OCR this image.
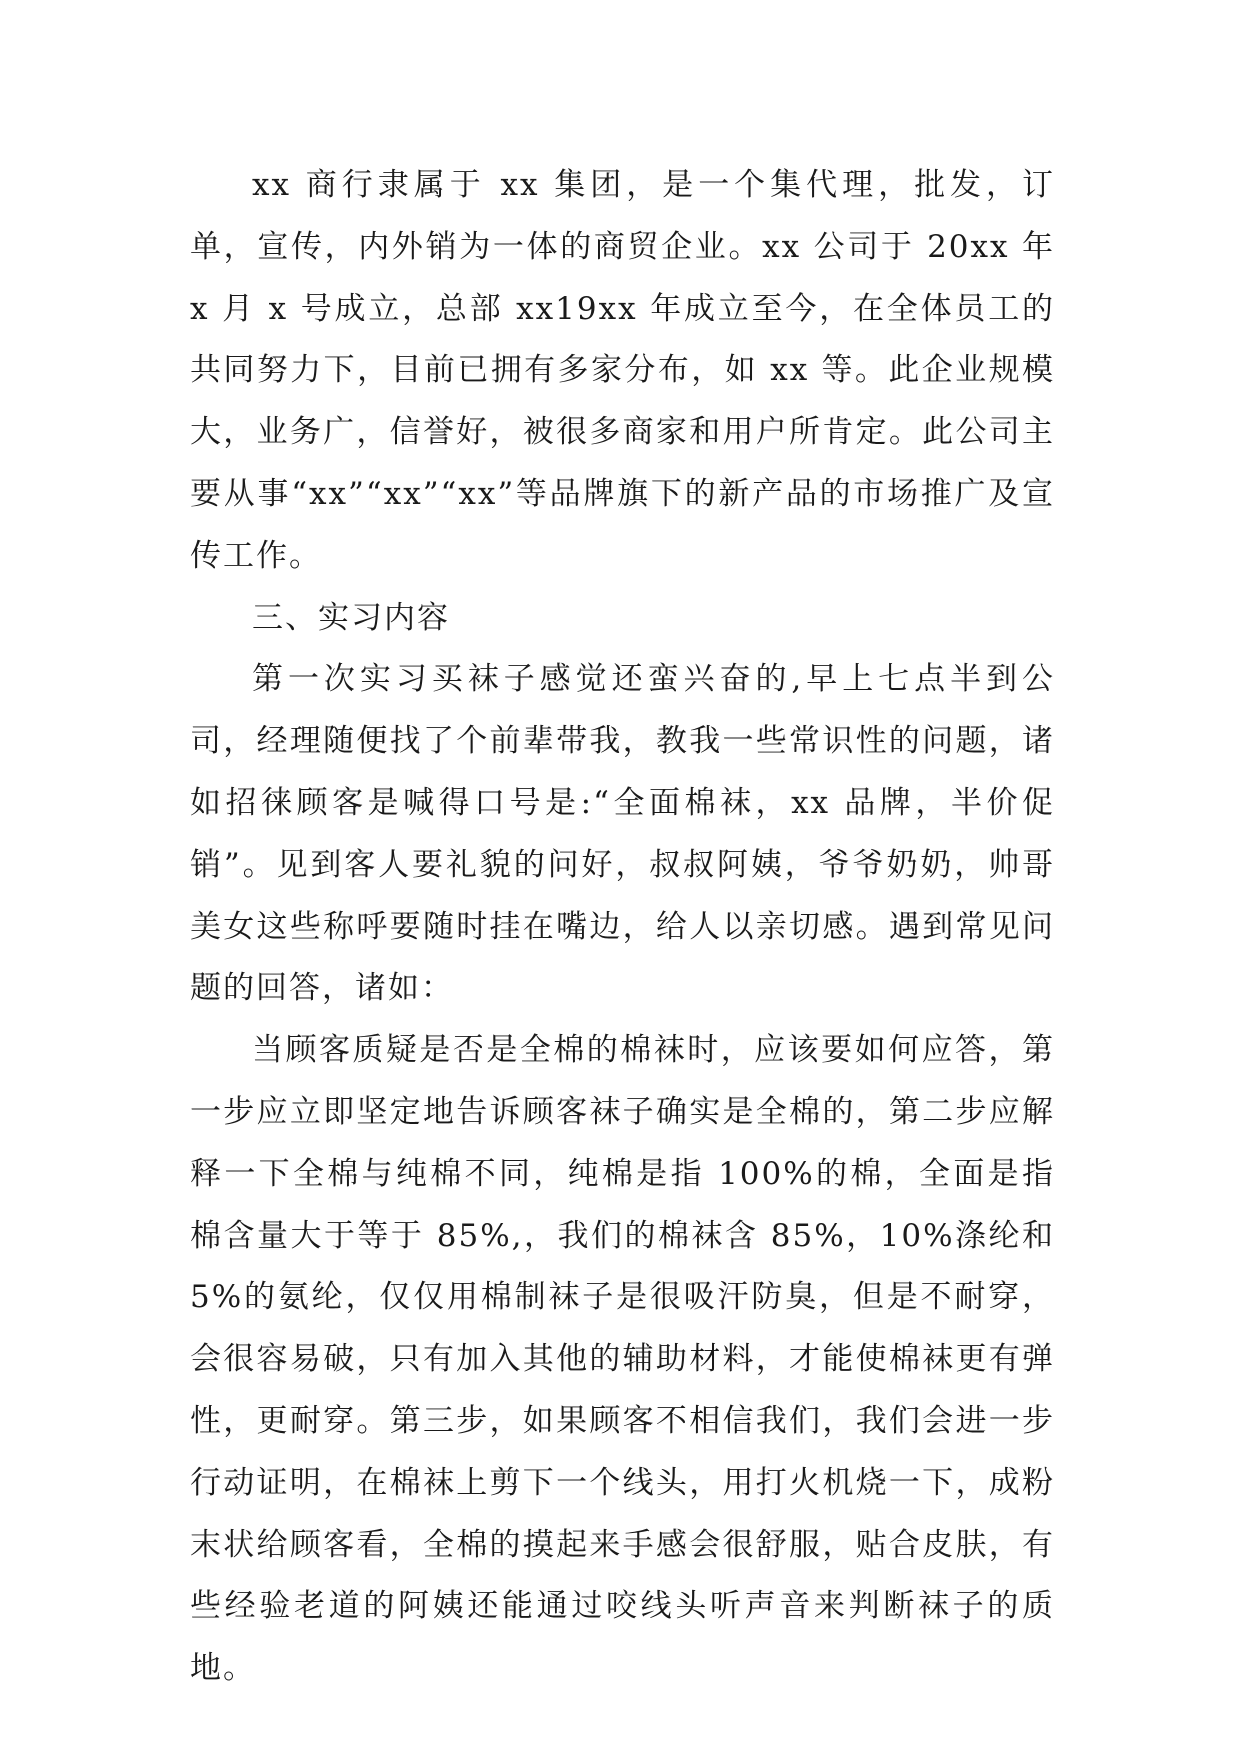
xx 商行隶属于 xx 集团，是一个集代理，批发，订单，宣传，内外销为一体的商贸企业。xx 公司于 20xx 年 x 月 x 号成立，总部 xx19xx 年成立至今，在全体员工的共同努力下，目前已拥有多家分布，如 xx 等。此企业规模大，业务广，信誉好，被很多商家和用户所肯定。此公司主要从事“xx”“xx”“xx”等品牌旗下的新产品的市场推广及宣传工作。

三、实习内容

第一次实习买袜子感觉还蛮兴奋的,早上七点半到公司，经理随便找了个前辈带我，教我一些常识性的问题，诸如招徕顾客是喊得口号是:“全面棉袜，xx 品牌，半价促销”。见到客人要礼貌的问好，叔叔阿姨，爷爷奶奶，帅哥美女这些称呼要随时挂在嘴边，给人以亲切感。遇到常见问题的回答，诸如：

当顾客质疑是否是全棉的棉袜时，应该要如何应答，第一步应立即坚定地告诉顾客袜子确实是全棉的，第二步应解释一下全棉与纯棉不同，纯棉是指 100%的棉，全面是指棉含量大于等于 85%,，我们的棉袜含 85%，10%涤纶和 5%的氨纶，仅仅用棉制袜子是很吸汗防臭，但是不耐穿，会很容易破，只有加入其他的辅助材料，才能使棉袜更有弹性，更耐穿。第三步，如果顾客不相信我们，我们会进一步行动证明，在棉袜上剪下一个线头，用打火机烧一下，成粉末状给顾客看，全棉的摸起来手感会很舒服，贴合皮肤，有些经验老道的阿姨还能通过咬线头听声音来判断袜子的质地。
